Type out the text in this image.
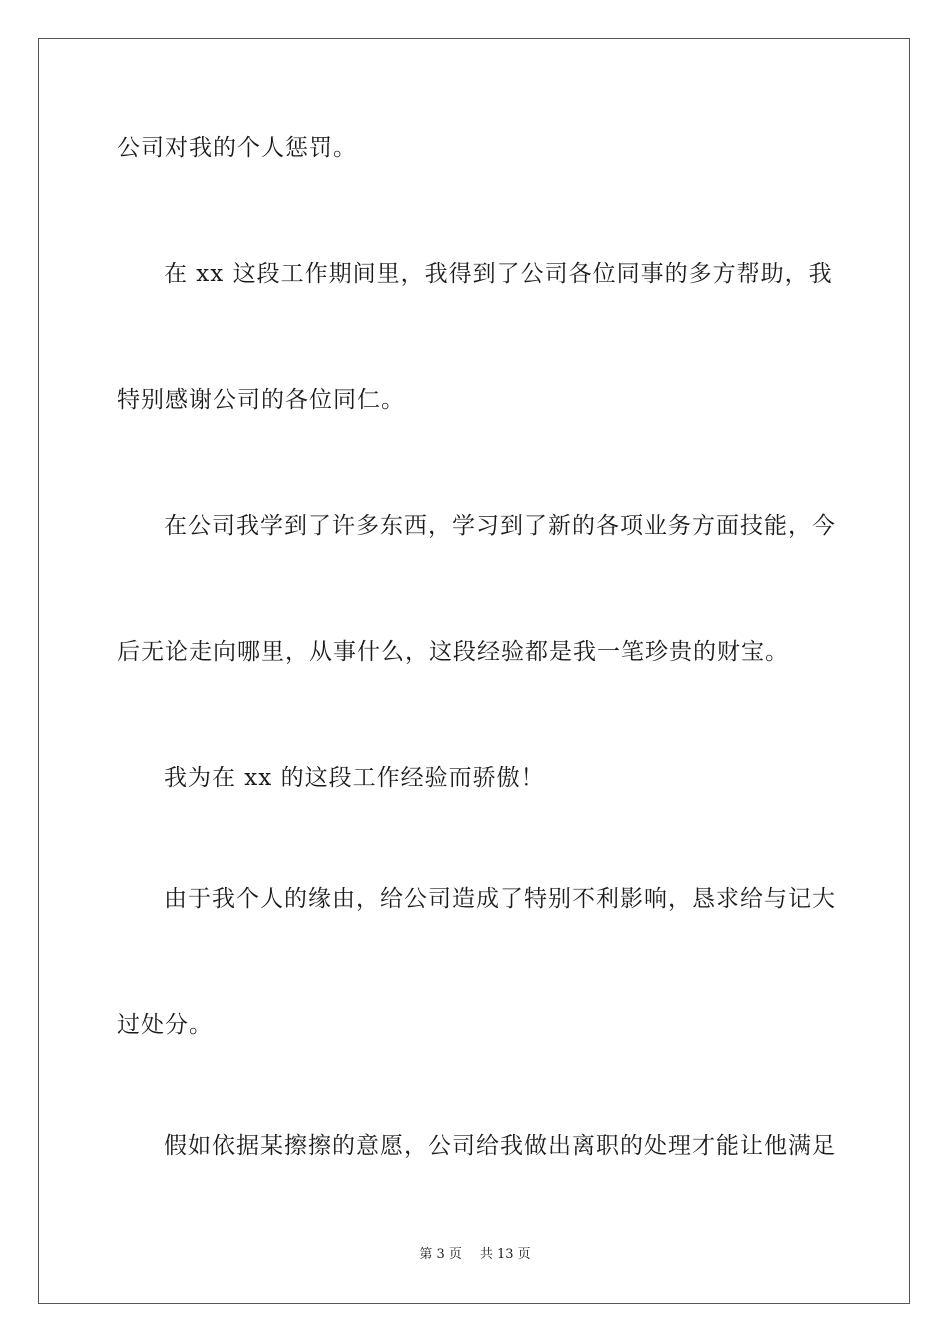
公司对我的个人惩罚。
在 xx 这段工作期间里，我得到了公司各位同事的多方帮助，我
特别感谢公司的各位同仁。
在公司我学到了许多东西，学习到了新的各项业务方面技能，今
后无论走向哪里，从事什么，这段经验都是我一笔珍贵的财宝。
我为在 xx 的这段工作经验而骄傲！
由于我个人的缘由，给公司造成了特别不利影响，恳求给与记大
过处分。
假如依据某擦擦的意愿，公司给我做出离职的处理才能让他满足
第 3 页 共 13 页
